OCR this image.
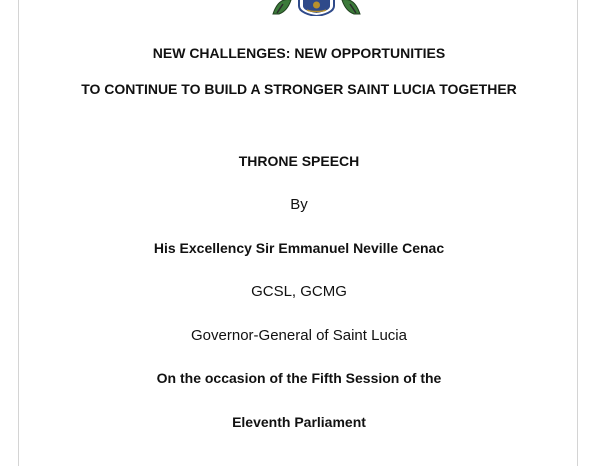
NEW CHALLENGES: NEW OPPORTUNITIES
TO CONTINUE TO BUILD A STRONGER SAINT LUCIA TOGETHER
THRONE SPEECH
By
His Excellency Sir Emmanuel Neville Cenac
GCSL, GCMG
Governor-General of Saint Lucia
On the occasion of the Fifth Session of the
Eleventh Parliament
